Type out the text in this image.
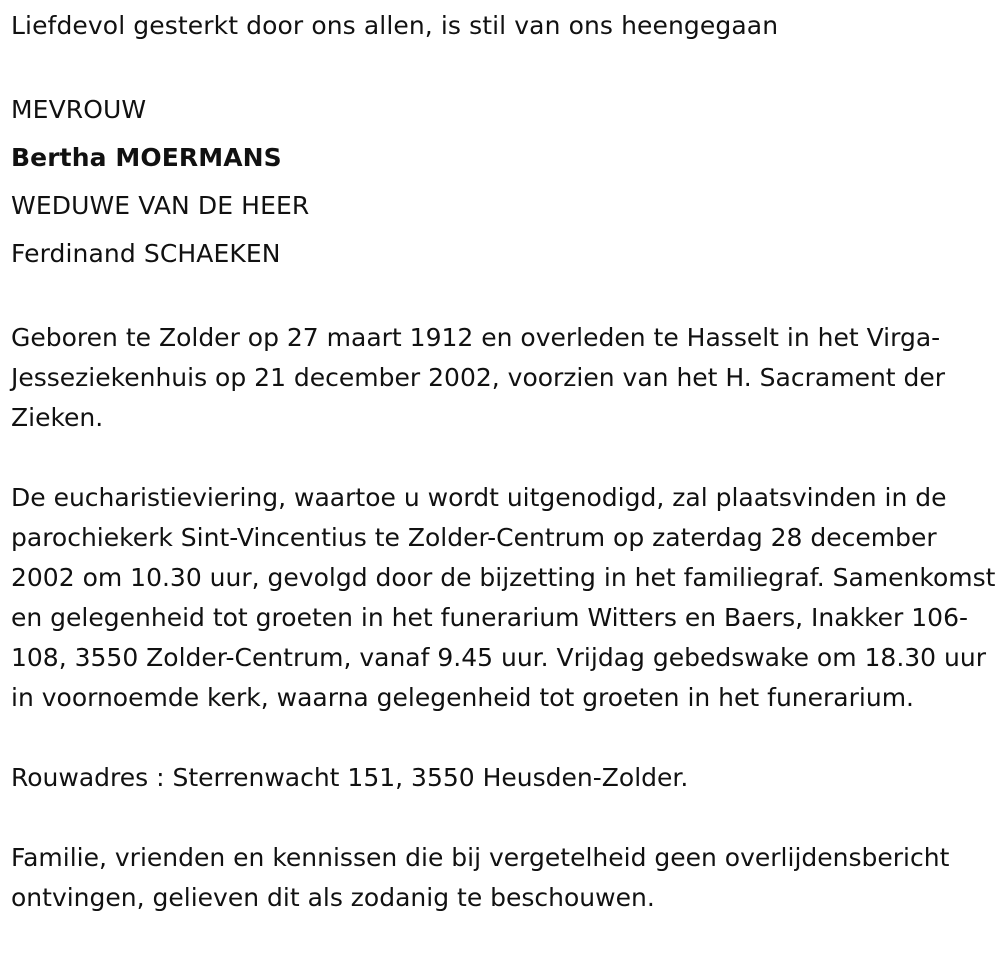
Liefdevol gesterkt door ons allen, is stil van ons heengegaan

MEVROUW

Bertha MOERMANS

WEDUWE VAN DE HEER

Ferdinand SCHAEKEN

Geboren te Zolder op 27 maart 1912 en overleden te Hasselt in het Virga-Jesseziekenhuis op 21 december 2002, voorzien van het H. Sacrament der Zieken.

De eucharistieviering, waartoe u wordt uitgenodigd, zal plaatsvinden in de parochiekerk Sint-Vincentius te Zolder-Centrum op zaterdag 28 december 2002 om 10.30 uur, gevolgd door de bijzetting in het familiegraf. Samenkomst en gelegenheid tot groeten in het funerarium Witters en Baers, Inakker 106-108, 3550 Zolder-Centrum, vanaf 9.45 uur. Vrijdag gebedswake om 18.30 uur in voornoemde kerk, waarna gelegenheid tot groeten in het funerarium.

Rouwadres : Sterrenwacht 151, 3550 Heusden-Zolder.

Familie, vrienden en kennissen die bij vergetelheid geen overlijdensbericht ontvingen, gelieven dit als zodanig te beschouwen.
